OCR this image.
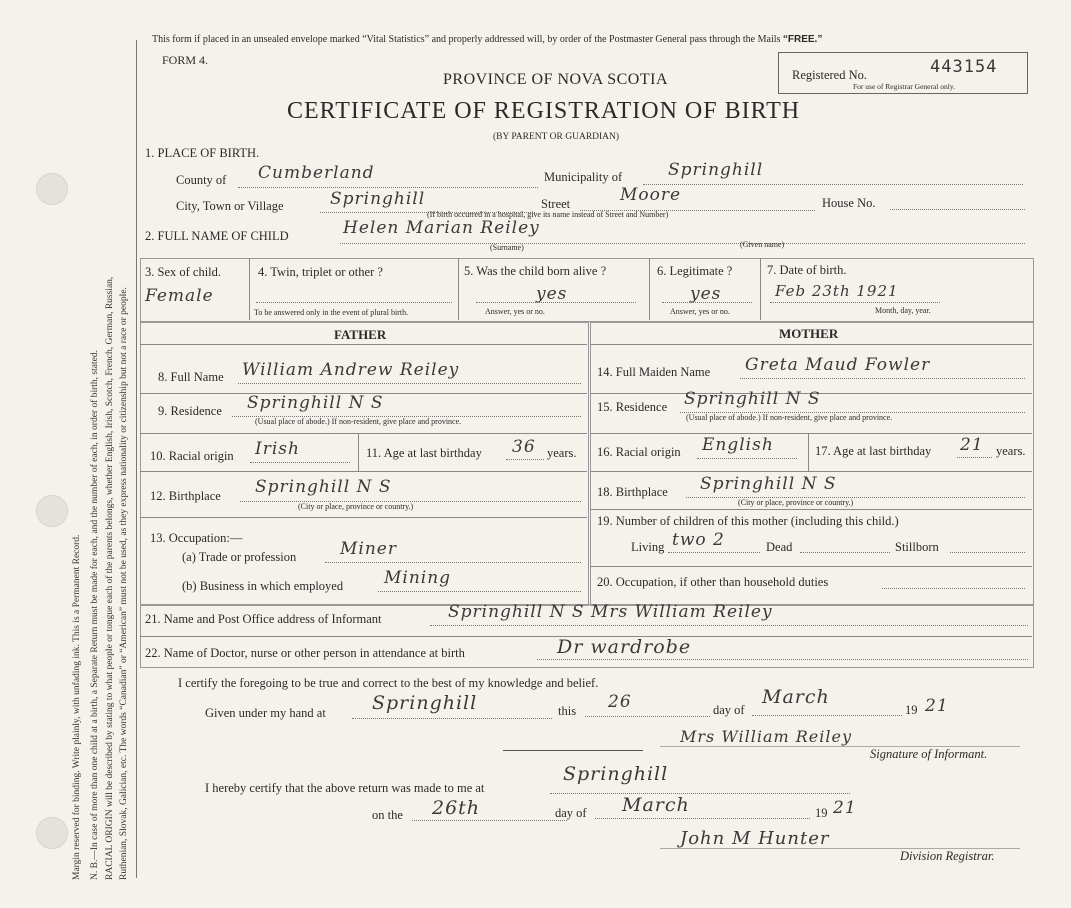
Margin reserved for binding. Write plainly, with unfading ink. This is a Permanent Record. N. B.—In case of more than one child at a birth, a Separate Return must be made for each, and the number of each, in order of birth, stated. RACIAL ORIGIN will be described by stating to what people or tongue each of the parents belongs, whether English, Irish, Scotch, French, German, Russian, Ruthenian, Slovak, Galician, etc. The words “Canadian” or “American” must not be used, as they express nationality or citizenship but not a race or people.
This form if placed in an unsealed envelope marked “Vital Statistics” and properly addressed will, by order of the Postmaster General pass through the Mails “FREE.”
FORM 4.
PROVINCE OF NOVA SCOTIA
CERTIFICATE OF REGISTRATION OF BIRTH
(BY PARENT OR GUARDIAN)
Registered No.	443154
For use of Registrar General only.
1. PLACE OF BIRTH.
County of Cumberland	Municipality of	Springhill
City, Town or Village	Springhill	Street	Moore	House No.
(If birth occurred in a hospital, give its name instead of Street and Number)
2. FULL NAME OF CHILD	Helen Marian Reiley
(Surname)	(Given name)
3. Sex of child.
Female
4. Twin, triplet or other ?
To be answered only in the event of plural birth.
5. Was the child born alive ?
yes
Answer, yes or no.
6. Legitimate ?
yes
Answer, yes or no.
7. Date of birth.
Feb 23th 1921
Month, day, year.
FATHER	MOTHER
8. Full Name William Andrew Reiley
9. Residence Springhill N S
(Usual place of abode.) If non-resident, give place and province.
10. Racial origin Irish	11. Age at last birthday 36 years.
12. Birthplace Springhill N S
(City or place, province or country.)
13. Occupation:—
(a) Trade or profession	Miner
(b) Business in which employed Mining
14. Full Maiden Name Greta Maud Fowler
15. Residence Springhill N S
(Usual place of abode.) If non-resident, give place and province.
16. Racial origin English	17. Age at last birthday 21 years.
18. Birthplace Springhill N S
(City or place, province or country.)
19. Number of children of this mother (including this child.)
Living two 2	Dead	Stillborn
20. Occupation, if other than household duties
21. Name and Post Office address of Informant	Springhill N S Mrs William Reiley
22. Name of Doctor, nurse or other person in attendance at birth	Dr wardrobe
I certify the foregoing to be true and correct to the best of my knowledge and belief.
Given under my hand at Springhill	this 26	day of
March
19 21
Mrs William Reiley
Signature of Informant.
I hereby certify that the above return was made to me at
Springhill
on the 26th	day of March	19 21
John M Hunter
Division Registrar.
